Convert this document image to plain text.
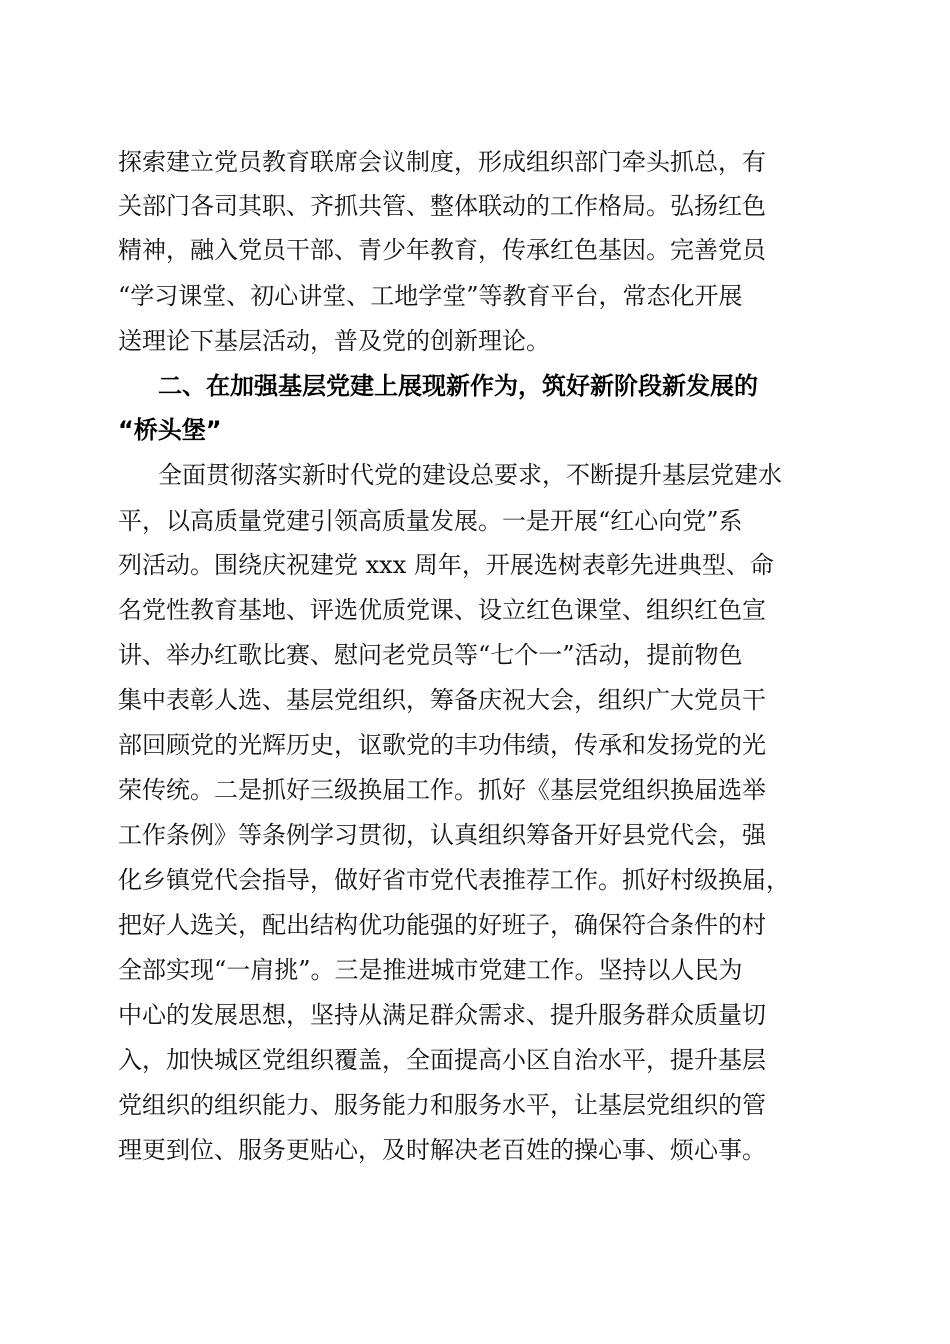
探索建立党员教育联席会议制度，形成组织部门牵头抓总，有

关部门各司其职、齐抓共管、整体联动的工作格局。弘扬红色

精神，融入党员干部、青少年教育，传承红色基因。完善党员

“学习课堂、初心讲堂、工地学堂”等教育平台，常态化开展

送理论下基层活动，普及党的创新理论。

二、在加强基层党建上展现新作为，筑好新阶段新发展的

“桥头堡”

全面贯彻落实新时代党的建设总要求，不断提升基层党建水

平，以高质量党建引领高质量发展。一是开展“红心向党”系

列活动。围绕庆祝建党 xxx 周年，开展选树表彰先进典型、命

名党性教育基地、评选优质党课、设立红色课堂、组织红色宣

讲、举办红歌比赛、慰问老党员等“七个一”活动，提前物色

集中表彰人选、基层党组织，筹备庆祝大会，组织广大党员干

部回顾党的光辉历史，讴歌党的丰功伟绩，传承和发扬党的光

荣传统。二是抓好三级换届工作。抓好《基层党组织换届选举

工作条例》等条例学习贯彻，认真组织筹备开好县党代会，强

化乡镇党代会指导，做好省市党代表推荐工作。抓好村级换届，

把好人选关，配出结构优功能强的好班子，确保符合条件的村

全部实现“一肩挑”。三是推进城市党建工作。坚持以人民为

中心的发展思想，坚持从满足群众需求、提升服务群众质量切

入，加快城区党组织覆盖，全面提高小区自治水平，提升基层

党组织的组织能力、服务能力和服务水平，让基层党组织的管

理更到位、服务更贴心，及时解决老百姓的操心事、烦心事。
